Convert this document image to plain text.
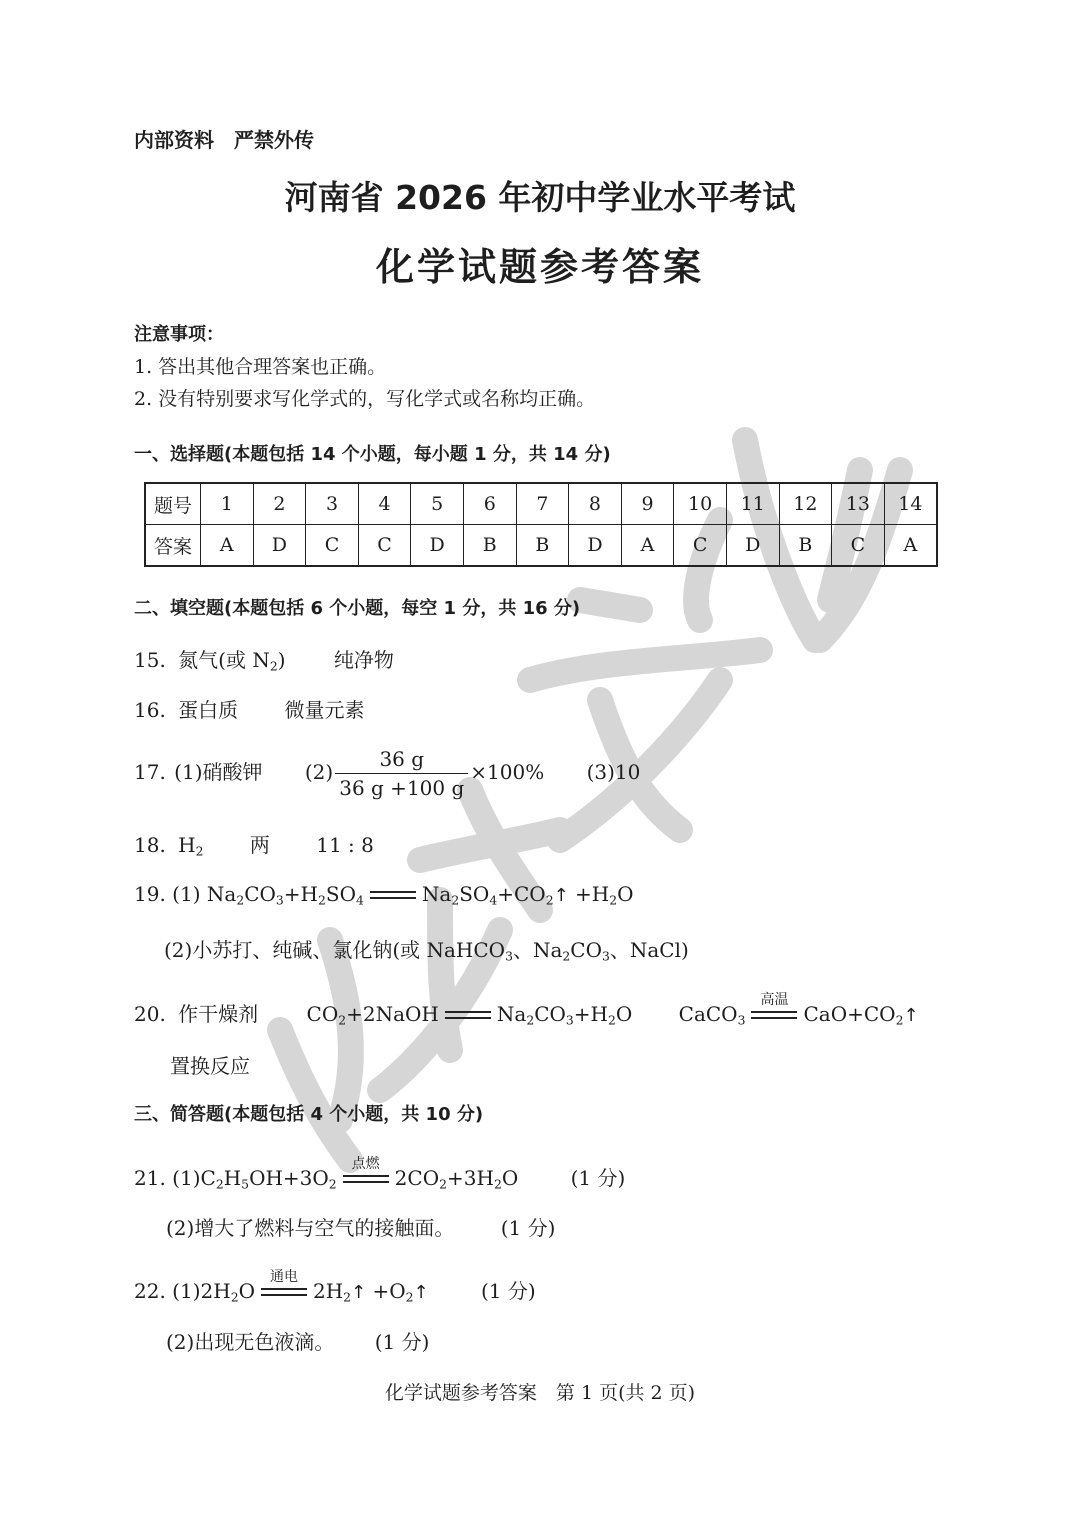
内部资料　严禁外传
河南省 2026 年初中学业水平考试
化学试题参考答案
注意事项：
1. 答出其他合理答案也正确。
2. 没有特别要求写化学式的，写化学式或名称均正确。
一、选择题(本题包括 14 个小题，每小题 1 分，共 14 分)
题号	1	2	3	4	5	6	7	8	9	10	11	12	13	14
答案	A	D	C	C	D	B	B	D	A	C	D	B	C	A
二、填空题(本题包括 6 个小题，每空 1 分，共 16 分)
15. 氮气(或 $N_2$) 纯净物
16. 蛋白质 微量元素
17. (1)硝酸钾 $(2) \frac{36 g}{36 g +100 g} \times 100\%$ (3)10
18. $H_2$ 两 11 : 8
19. (1) $Na_2CO_3+H_2SO_4$	$Na_2SO_4+CO_2↑ +H_2O$
(2)小苏打、纯碱、氯化钠(或 NaHCO$_3$、$Na_2CO_3$、NaCl)
20. 作干燥剂 $CO_2+2NaOH$	$Na_2CO_3+H_2O$ CaCO$_3$
高温
$CaO+CO_2↑$
置换反应
三、简答题(本题包括 4 个小题，共 10 分)
21. $(1)C_2H_5OH+3O_2$
点燃
$2CO_2+3H_2O$	(1 分)
(2)增大了燃料与空气的接触面。 (1 分)
22. $(1)2H_2O$
通电
$2H_2↑$ $+O_2↑$	(1 分)
(2)出现无色液滴。 (1 分)
化学试题参考答案　第 1 页(共 2 页)
